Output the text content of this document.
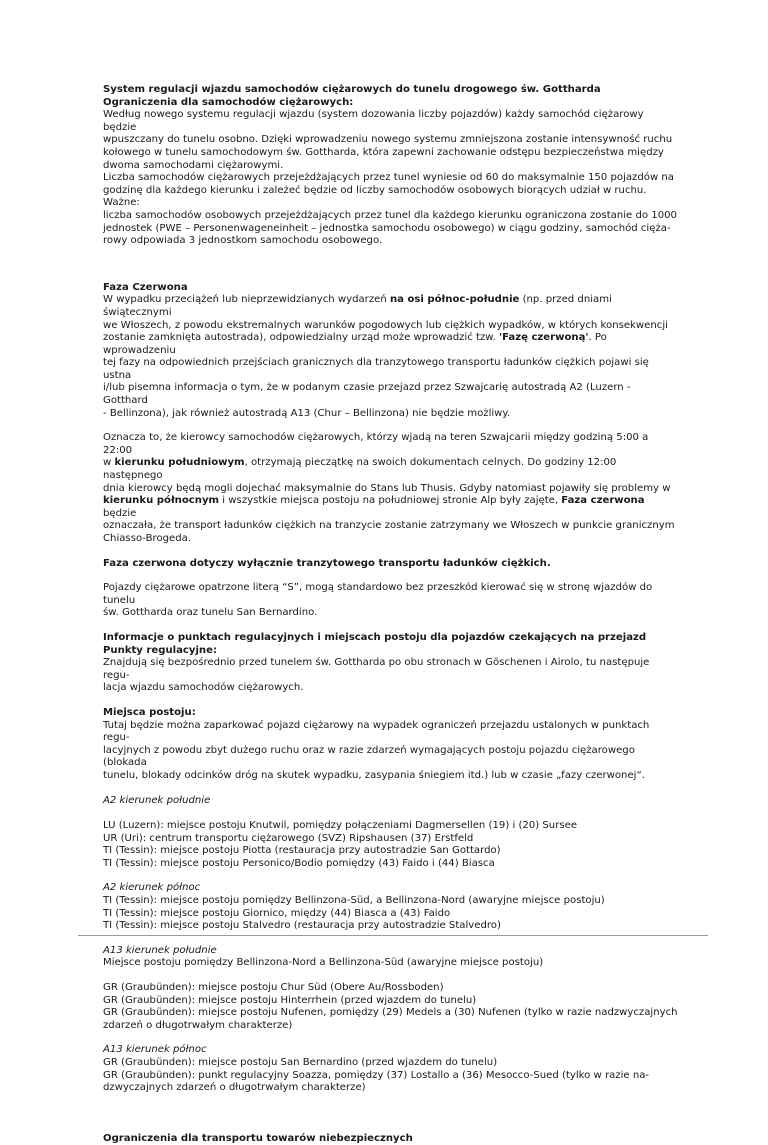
System regulacji wjazdu samochodów ciężarowych do tunelu drogowego św. Gottharda

Ograniczenia dla samochodów ciężarowych:

Według nowego systemu regulacji wjazdu (system dozowania liczby pojazdów) każdy samochód ciężarowy będzie

wpuszczany do tunelu osobno. Dzięki wprowadzeniu nowego systemu zmniejszona zostanie intensywność ruchu

kołowego w tunelu samochodowym św. Gottharda, która zapewni zachowanie odstępu bezpieczeństwa między

dwoma samochodami ciężarowymi.

Liczba samochodów ciężarowych przejeżdżających przez tunel wyniesie od 60 do maksymalnie 150 pojazdów na

godzinę dla każdego kierunku i zależeć będzie od liczby samochodów osobowych biorących udział w ruchu. Ważne:

liczba samochodów osobowych przejeżdżających przez tunel dla każdego kierunku ograniczona zostanie do 1000

jednostek (PWE – Personenwageneinheit – jednostka samochodu osobowego) w ciągu godziny, samochód cięża-

rowy odpowiada 3 jednostkom samochodu osobowego.

Faza Czerwona

W wypadku przeciążeń lub nieprzewidzianych wydarzeń na osi północ-południe (np. przed dniami świątecznymi

we Włoszech, z powodu ekstremalnych warunków pogodowych lub ciężkich wypadków, w których konsekwencji

zostanie zamknięta autostrada), odpowiedzialny urząd może wprowadzić tzw. 'Fazę czerwoną'. Po wprowadzeniu

tej fazy na odpowiednich przejściach granicznych dla tranzytowego transportu ładunków ciężkich pojawi się ustna

i/lub pisemna informacja o tym, że w podanym czasie przejazd przez Szwajcarię autostradą A2 (Luzern - Gotthard

- Bellinzona), jak również autostradą A13 (Chur – Bellinzona) nie będzie możliwy.

Oznacza to, że kierowcy samochodów ciężarowych, którzy wjadą na teren Szwajcarii między godziną 5:00 a 22:00

w kierunku południowym, otrzymają pieczątkę na swoich dokumentach celnych. Do godziny 12:00 następnego

dnia kierowcy będą mogli dojechać maksymalnie do Stans lub Thusis. Gdyby natomiast pojawiły się problemy w

kierunku północnym i wszystkie miejsca postoju na południowej stronie Alp były zajęte, Faza czerwona będzie

oznaczała, że transport ładunków ciężkich na tranzycie zostanie zatrzymany we Włoszech w punkcie granicznym

Chiasso-Brogeda.

Faza czerwona dotyczy wyłącznie tranzytowego transportu ładunków ciężkich.

Pojazdy ciężarowe opatrzone literą “S”, mogą standardowo bez przeszkód kierować się w stronę wjazdów do tunelu

św. Gottharda oraz tunelu San Bernardino.

Informacje o punktach regulacyjnych i miejscach postoju dla pojazdów czekających na przejazd

Punkty regulacyjne:

Znajdują się bezpośrednio przed tunelem św. Gottharda po obu stronach w Göschenen i Airolo, tu następuje regu-

lacja wjazdu samochodów ciężarowych.

Miejsca postoju:

Tutaj będzie można zaparkować pojazd ciężarowy na wypadek ograniczeń przejazdu ustalonych w punktach regu-

lacyjnych z powodu zbyt dużego ruchu oraz w razie zdarzeń wymagających postoju pojazdu ciężarowego (blokada

tunelu, blokady odcinków dróg na skutek wypadku, zasypania śniegiem itd.) lub w czasie „fazy czerwonej“.

A2 kierunek południe

LU (Luzern): miejsce postoju Knutwil, pomiędzy połączeniami Dagmersellen (19) i (20) Sursee

UR (Uri): centrum transportu ciężarowego (SVZ) Ripshausen (37) Erstfeld

TI (Tessin): miejsce postoju Piotta (restauracja przy autostradzie San Gottardo)

TI (Tessin): miejsce postoju Personico/Bodio pomiędzy (43) Faido i (44) Biasca

A2 kierunek północ

TI (Tessin): miejsce postoju pomiędzy Bellinzona-Süd, a Bellinzona-Nord (awaryjne miejsce postoju)

TI (Tessin): miejsce postoju Giornico, między (44) Biasca a (43) Faido

TI (Tessin): miejsce postoju Stalvedro (restauracja przy autostradzie Stalvedro)

A13 kierunek południe

Miejsce postoju pomiędzy Bellinzona-Nord a Bellinzona-Süd (awaryjne miejsce postoju)

GR (Graubünden): miejsce postoju Chur Süd (Obere Au/Rossboden)

GR (Graubünden): miejsce postoju Hinterrhein (przed wjazdem do tunelu)

GR (Graubünden): miejsce postoju Nufenen, pomiędzy (29) Medels a (30) Nufenen (tylko w razie nadzwyczajnych

zdarzeń o długotrwałym charakterze)

A13 kierunek północ

GR (Graubünden): miejsce postoju San Bernardino (przed wjazdem do tunelu)

GR (Graubünden): punkt regulacyjny Soazza, pomiędzy (37) Lostallo a (36) Mesocco-Sued (tylko w razie na-

dzwyczajnych zdarzeń o długotrwałym charakterze)

Ograniczenia dla transportu towarów niebezpiecznych
